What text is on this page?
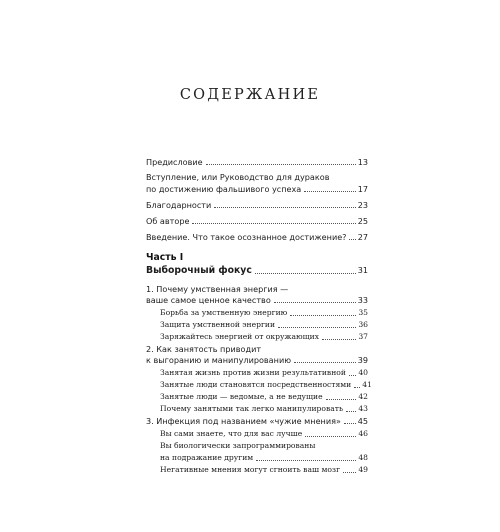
СОДЕРЖАНИЕ
Предисловие	13
Вступление, или Руководство для дураков
по достижению фальшивого успеха	17
Благодарности	23
Об авторе	25
Введение. Что такое осознанное достижение? 27
Часть I
Выборочный фокус	31
1. Почему умственная энергия —
ваше самое ценное качество	33
Борьба за умственную энергию	35
Защита умственной энергии	36
Заряжайтесь энергией от окружающих	37
2. Как занятость приводит
к выгоранию и манипулированию	39
Занятая жизнь против жизни результативной 40
Занятые люди становятся посредственностями 41
Занятые люди — ведомые, а не ведущие	42
Почему занятыми так легко манипулировать 43
3. Инфекция под названием «чужие мнения» 45
Вы сами знаете, что для вас лучше	46
Вы биологически запрограммированы
на подражание другим	48
Негативные мнения могут сгноить ваш мозг 49
